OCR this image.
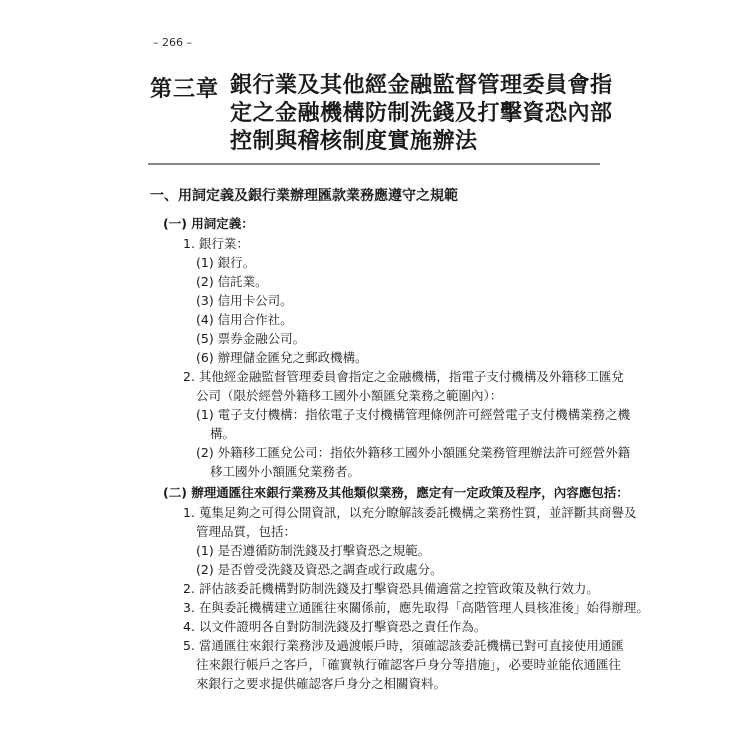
– 266 –
第三章 銀行業及其他經金融監督管理委員會指
定之金融機構防制洗錢及打擊資恐內部
控制與稽核制度實施辦法
一、用詞定義及銀行業辦理匯款業務應遵守之規範
(一) 用詞定義：
1. 銀行業：
(1) 銀行。
(2) 信託業。
(3) 信用卡公司。
(4) 信用合作社。
(5) 票券金融公司。
(6) 辦理儲金匯兌之郵政機構。
2. 其他經金融監督管理委員會指定之金融機構，指電子支付機構及外籍移工匯兌
公司（限於經營外籍移工國外小額匯兌業務之範圍內）：
(1) 電子支付機構：指依電子支付機構管理條例許可經營電子支付機構業務之機
構。
(2) 外籍移工匯兌公司：指依外籍移工國外小額匯兌業務管理辦法許可經營外籍
移工國外小額匯兌業務者。
(二) 辦理通匯往來銀行業務及其他類似業務，應定有一定政策及程序，內容應包括：
1. 蒐集足夠之可得公開資訊，以充分瞭解該委託機構之業務性質，並評斷其商譽及
管理品質，包括：
(1) 是否遵循防制洗錢及打擊資恐之規範。
(2) 是否曾受洗錢及資恐之調查或行政處分。
2. 評估該委託機構對防制洗錢及打擊資恐具備適當之控管政策及執行效力。
3. 在與委託機構建立通匯往來關係前，應先取得「高階管理人員核准後」始得辦理。
4. 以文件證明各自對防制洗錢及打擊資恐之責任作為。
5. 當通匯往來銀行業務涉及過渡帳戶時，須確認該委託機構已對可直接使用通匯
往來銀行帳戶之客戶，「確實執行確認客戶身分等措施」，必要時並能依通匯往
來銀行之要求提供確認客戶身分之相關資料。
